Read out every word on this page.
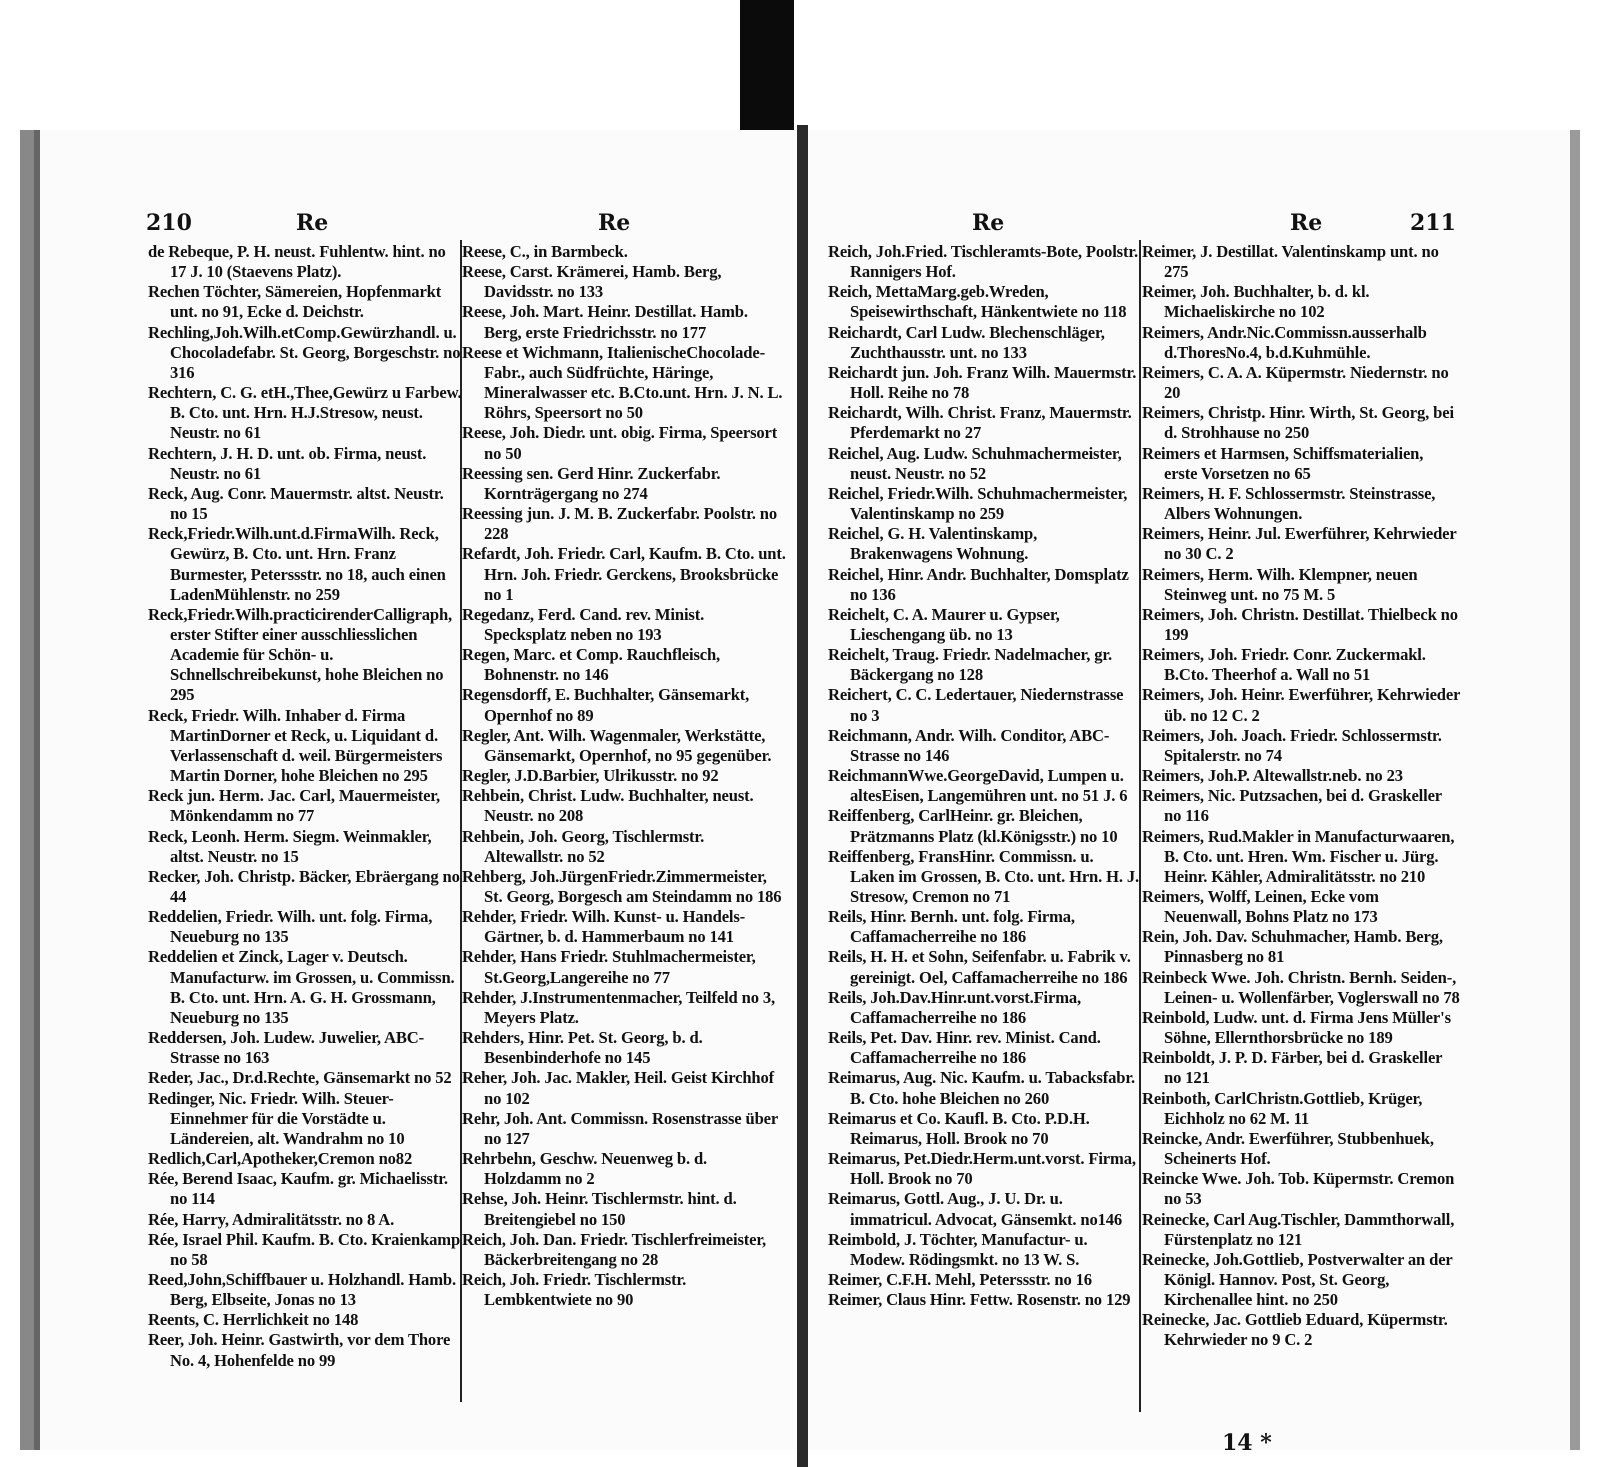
210	Re	Re	Re	Re	211

de Rebeque, P. H. neust. Fuhlentw. hint. no 17 J. 10 (Staevens Platz).

Rechen Töchter, Sämereien, Hopfenmarkt unt. no 91, Ecke d. Deichstr.

Rechling,Joh.Wilh.etComp.Gewürzhandl. u. Chocoladefabr. St. Georg, Borgeschstr. no 316

Rechtern, C. G. etH.,Thee,Gewürz u Farbew. B. Cto. unt. Hrn. H.J.Stresow, neust. Neustr. no 61

Rechtern, J. H. D. unt. ob. Firma, neust. Neustr. no 61

Reck, Aug. Conr. Mauermstr. altst. Neustr. no 15

Reck,Friedr.Wilh.unt.d.FirmaWilh. Reck, Gewürz, B. Cto. unt. Hrn. Franz Burmester, Peterssstr. no 18, auch einen LadenMühlenstr. no 259

Reck,Friedr.Wilh.practicirenderCalligraph, erster Stifter einer ausschliesslichen Academie für Schön- u. Schnellschreibekunst, hohe Bleichen no 295

Reck, Friedr. Wilh. Inhaber d. Firma MartinDorner et Reck, u. Liquidant d. Verlassenschaft d. weil. Bürgermeisters Martin Dorner, hohe Bleichen no 295

Reck jun. Herm. Jac. Carl, Mauermeister, Mönkendamm no 77

Reck, Leonh. Herm. Siegm. Weinmakler, altst. Neustr. no 15

Recker, Joh. Christp. Bäcker, Ebräergang no 44

Reddelien, Friedr. Wilh. unt. folg. Firma, Neueburg no 135

Reddelien et Zinck, Lager v. Deutsch. Manufacturw. im Grossen, u. Commissn. B. Cto. unt. Hrn. A. G. H. Grossmann, Neueburg no 135

Reddersen, Joh. Ludew. Juwelier, ABC-Strasse no 163

Reder, Jac., Dr.d.Rechte, Gänsemarkt no 52

Redinger, Nic. Friedr. Wilh. Steuer-Einnehmer für die Vorstädte u. Ländereien, alt. Wandrahm no 10

Redlich,Carl,Apotheker,Cremon no82

Rée, Berend Isaac, Kaufm. gr. Michaelisstr. no 114

Rée, Harry, Admiralitätsstr. no 8 A.

Rée, Israel Phil. Kaufm. B. Cto. Kraienkamp no 58

Reed,John,Schiffbauer u. Holzhandl. Hamb. Berg, Elbseite, Jonas no 13

Reents, C. Herrlichkeit no 148

Reer, Joh. Heinr. Gastwirth, vor dem Thore No. 4, Hohenfelde no 99

Reese, C., in Barmbeck.

Reese, Carst. Krämerei, Hamb. Berg, Davidsstr. no 133

Reese, Joh. Mart. Heinr. Destillat. Hamb. Berg, erste Friedrichsstr. no 177

Reese et Wichmann, ItalienischeChocolade-Fabr., auch Südfrüchte, Häringe, Mineralwasser etc. B.Cto.unt. Hrn. J. N. L. Röhrs, Speersort no 50

Reese, Joh. Diedr. unt. obig. Firma, Speersort no 50

Reessing sen. Gerd Hinr. Zuckerfabr. Kornträgergang no 274

Reessing jun. J. M. B. Zuckerfabr. Poolstr. no 228

Refardt, Joh. Friedr. Carl, Kaufm. B. Cto. unt. Hrn. Joh. Friedr. Gerckens, Brooksbrücke no 1

Regedanz, Ferd. Cand. rev. Minist. Specksplatz neben no 193

Regen, Marc. et Comp. Rauchfleisch, Bohnenstr. no 146

Regensdorff, E. Buchhalter, Gänsemarkt, Opernhof no 89

Regler, Ant. Wilh. Wagenmaler, Werkstätte, Gänsemarkt, Opernhof, no 95 gegenüber.

Regler, J.D.Barbier, Ulrikusstr. no 92

Rehbein, Christ. Ludw. Buchhalter, neust. Neustr. no 208

Rehbein, Joh. Georg, Tischlermstr. Altewallstr. no 52

Rehberg, Joh.JürgenFriedr.Zimmermeister, St. Georg, Borgesch am Steindamm no 186

Rehder, Friedr. Wilh. Kunst- u. Handels-Gärtner, b. d. Hammerbaum no 141

Rehder, Hans Friedr. Stuhlmachermeister, St.Georg,Langereihe no 77

Rehder, J.Instrumentenmacher, Teilfeld no 3, Meyers Platz.

Rehders, Hinr. Pet. St. Georg, b. d. Besenbinderhofe no 145

Reher, Joh. Jac. Makler, Heil. Geist Kirchhof no 102

Rehr, Joh. Ant. Commissn. Rosenstrasse über no 127

Rehrbehn, Geschw. Neuenweg b. d. Holzdamm no 2

Rehse, Joh. Heinr. Tischlermstr. hint. d. Breitengiebel no 150

Reich, Joh. Dan. Friedr. Tischlerfreimeister, Bäckerbreitengang no 28

Reich, Joh. Friedr. Tischlermstr. Lembkentwiete no 90

Reich, Joh.Fried. Tischleramts-Bote, Poolstr. Rannigers Hof.

Reich, MettaMarg.geb.Wreden, Speisewirthschaft, Hänkentwiete no 118

Reichardt, Carl Ludw. Blechenschläger, Zuchthausstr. unt. no 133

Reichardt jun. Joh. Franz Wilh. Mauermstr. Holl. Reihe no 78

Reichardt, Wilh. Christ. Franz, Mauermstr. Pferdemarkt no 27

Reichel, Aug. Ludw. Schuhmachermeister, neust. Neustr. no 52

Reichel, Friedr.Wilh. Schuhmachermeister, Valentinskamp no 259

Reichel, G. H. Valentinskamp, Brakenwagens Wohnung.

Reichel, Hinr. Andr. Buchhalter, Domsplatz no 136

Reichelt, C. A. Maurer u. Gypser, Lieschengang üb. no 13

Reichelt, Traug. Friedr. Nadelmacher, gr. Bäckergang no 128

Reichert, C. C. Ledertauer, Niedernstrasse no 3

Reichmann, Andr. Wilh. Conditor, ABC-Strasse no 146

ReichmannWwe.GeorgeDavid, Lumpen u. altesEisen, Langemühren unt. no 51 J. 6

Reiffenberg, CarlHeinr. gr. Bleichen, Prätzmanns Platz (kl.Königsstr.) no 10

Reiffenberg, FransHinr. Commissn. u. Laken im Grossen, B. Cto. unt. Hrn. H. J. Stresow, Cremon no 71

Reils, Hinr. Bernh. unt. folg. Firma, Caffamacherreihe no 186

Reils, H. H. et Sohn, Seifenfabr. u. Fabrik v. gereinigt. Oel, Caffamacherreihe no 186

Reils, Joh.Dav.Hinr.unt.vorst.Firma, Caffamacherreihe no 186

Reils, Pet. Dav. Hinr. rev. Minist. Cand. Caffamacherreihe no 186

Reimarus, Aug. Nic. Kaufm. u. Tabacksfabr. B. Cto. hohe Bleichen no 260

Reimarus et Co. Kaufl. B. Cto. P.D.H. Reimarus, Holl. Brook no 70

Reimarus, Pet.Diedr.Herm.unt.vorst. Firma, Holl. Brook no 70

Reimarus, Gottl. Aug., J. U. Dr. u. immatricul. Advocat, Gänsemkt. no146

Reimbold, J. Töchter, Manufactur- u. Modew. Rödingsmkt. no 13 W. S.

Reimer, C.F.H. Mehl, Peterssstr. no 16

Reimer, Claus Hinr. Fettw. Rosenstr. no 129

Reimer, J. Destillat. Valentinskamp unt. no 275

Reimer, Joh. Buchhalter, b. d. kl. Michaeliskirche no 102

Reimers, Andr.Nic.Commissn.ausserhalb d.ThoresNo.4, b.d.Kuhmühle.

Reimers, C. A. A. Küpermstr. Niedernstr. no 20

Reimers, Christp. Hinr. Wirth, St. Georg, bei d. Strohhause no 250

Reimers et Harmsen, Schiffsmaterialien, erste Vorsetzen no 65

Reimers, H. F. Schlossermstr. Steinstrasse, Albers Wohnungen.

Reimers, Heinr. Jul. Ewerführer, Kehrwieder no 30 C. 2

Reimers, Herm. Wilh. Klempner, neuen Steinweg unt. no 75 M. 5

Reimers, Joh. Christn. Destillat. Thielbeck no 199

Reimers, Joh. Friedr. Conr. Zuckermakl. B.Cto. Theerhof a. Wall no 51

Reimers, Joh. Heinr. Ewerführer, Kehrwieder üb. no 12 C. 2

Reimers, Joh. Joach. Friedr. Schlossermstr. Spitalerstr. no 74

Reimers, Joh.P. Altewallstr.neb. no 23

Reimers, Nic. Putzsachen, bei d. Graskeller no 116

Reimers, Rud.Makler in Manufacturwaaren, B. Cto. unt. Hren. Wm. Fischer u. Jürg. Heinr. Kähler, Admiralitätsstr. no 210

Reimers, Wolff, Leinen, Ecke vom Neuenwall, Bohns Platz no 173

Rein, Joh. Dav. Schuhmacher, Hamb. Berg, Pinnasberg no 81

Reinbeck Wwe. Joh. Christn. Bernh. Seiden-, Leinen- u. Wollenfärber, Voglerswall no 78

Reinbold, Ludw. unt. d. Firma Jens Müller's Söhne, Ellernthorsbrücke no 189

Reinboldt, J. P. D. Färber, bei d. Graskeller no 121

Reinboth, CarlChristn.Gottlieb, Krüger, Eichholz no 62 M. 11

Reincke, Andr. Ewerführer, Stubbenhuek, Scheinerts Hof.

Reincke Wwe. Joh. Tob. Küpermstr. Cremon no 53

Reinecke, Carl Aug.Tischler, Dammthorwall, Fürstenplatz no 121

Reinecke, Joh.Gottlieb, Postverwalter an der Königl. Hannov. Post, St. Georg, Kirchenallee hint. no 250

Reinecke, Jac. Gottlieb Eduard, Küpermstr. Kehrwieder no 9 C. 2

14 *
